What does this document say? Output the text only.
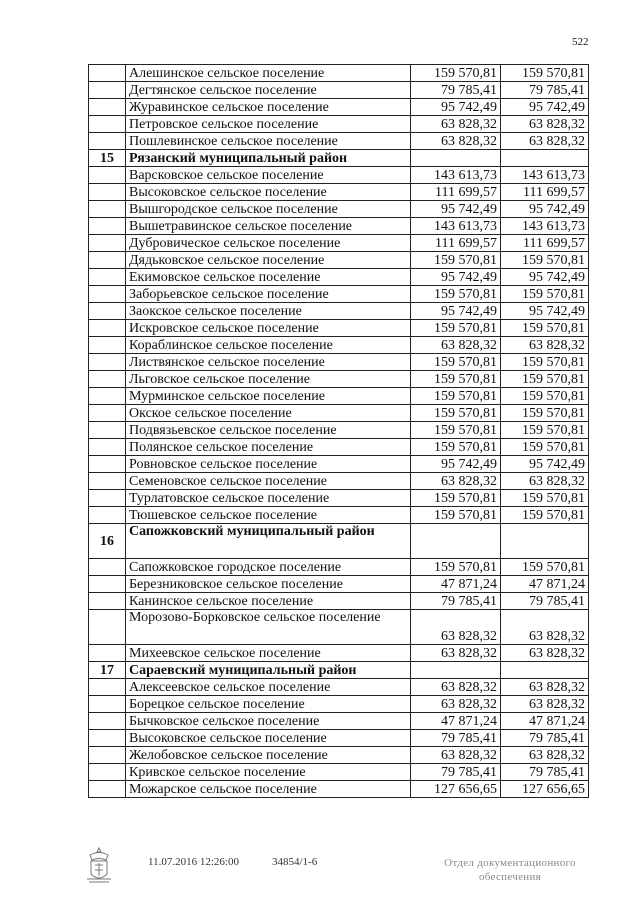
522
	Алешинское сельское поселение	159 570,81	159 570,81
	Дегтянское сельское поселение	79 785,41	79 785,41
	Журавинское сельское поселение	95 742,49	95 742,49
	Петровское сельское поселение	63 828,32	63 828,32
	Пошлевинское сельское поселение	63 828,32	63 828,32
15	Рязанский муниципальный район		
	Варсковское сельское поселение	143 613,73	143 613,73
	Высоковское сельское поселение	111 699,57	111 699,57
	Вышгородское сельское поселение	95 742,49	95 742,49
	Вышетравинское сельское поселение	143 613,73	143 613,73
	Дубровическое сельское поселение	111 699,57	111 699,57
	Дядьковское сельское поселение	159 570,81	159 570,81
	Екимовское сельское поселение	95 742,49	95 742,49
	Заборьевское сельское поселение	159 570,81	159 570,81
	Заокское сельское поселение	95 742,49	95 742,49
	Искровское сельское поселение	159 570,81	159 570,81
	Кораблинское сельское поселение	63 828,32	63 828,32
	Листвянское сельское поселение	159 570,81	159 570,81
	Льговское сельское поселение	159 570,81	159 570,81
	Мурминское сельское поселение	159 570,81	159 570,81
	Окское сельское поселение	159 570,81	159 570,81
	Подвязьевское сельское поселение	159 570,81	159 570,81
	Полянское сельское поселение	159 570,81	159 570,81
	Ровновское сельское поселение	95 742,49	95 742,49
	Семеновское сельское поселение	63 828,32	63 828,32
	Турлатовское сельское поселение	159 570,81	159 570,81
	Тюшевское сельское поселение	159 570,81	159 570,81
16	Сапожковский муниципальный район		
	Сапожковское городское поселение	159 570,81	159 570,81
	Березниковское сельское поселение	47 871,24	47 871,24
	Канинское сельское поселение	79 785,41	79 785,41
	Морозово-Борковское сельское поселение	63 828,32	63 828,32
	Михеевское сельское поселение	63 828,32	63 828,32
17	Сараевский муниципальный район		
	Алексеевское сельское поселение	63 828,32	63 828,32
	Борецкое сельское поселение	63 828,32	63 828,32
	Бычковское сельское поселение	47 871,24	47 871,24
	Высоковское сельское поселение	79 785,41	79 785,41
	Желобовское сельское поселение	63 828,32	63 828,32
	Кривское сельское поселение	79 785,41	79 785,41
	Можарское сельское поселение	127 656,65	127 656,65
11.07.2016 12:26:00	34854/1-6	Отдел документационного
обеспечения
